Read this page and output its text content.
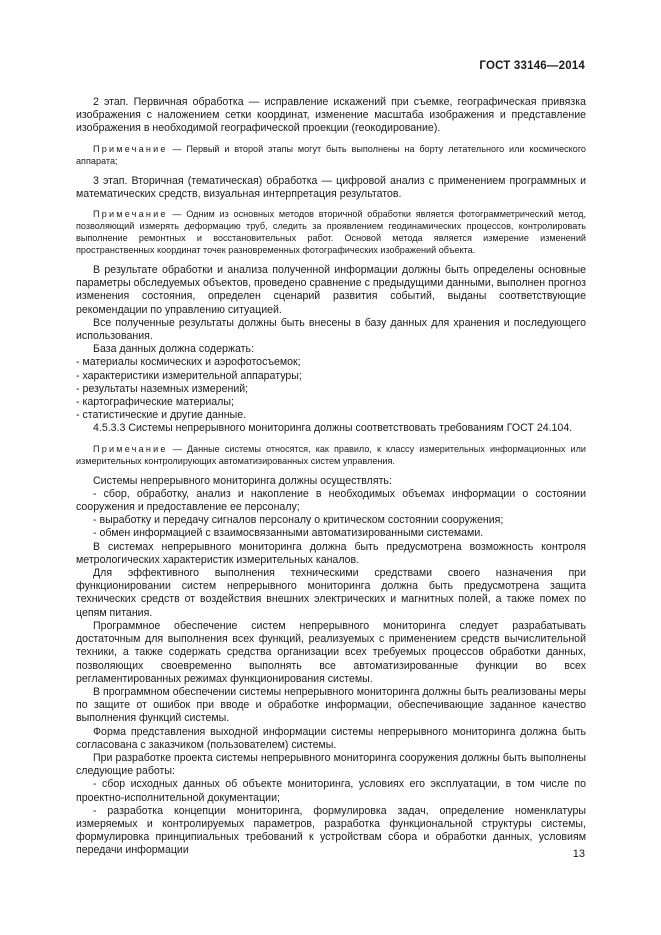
ГОСТ 33146—2014

2 этап. Первичная обработка — исправление искажений при съемке, географическая привязка изображения с наложением сетки координат, изменение масштаба изображения и представление изображения в необходимой географической проекции (геокодирование).

Примечание — Первый и второй этапы могут быть выполнены на борту летательного или космического аппарата;

3 этап. Вторичная (тематическая) обработка — цифровой анализ с применением программных и математических средств, визуальная интерпретация результатов.

Примечание — Одним из основных методов вторичной обработки является фотограмметрический метод, позволяющий измерять деформацию труб, следить за проявлением геодинамических процессов, контролировать выполнение ремонтных и восстановительных работ. Основой метода является измерение изменений пространственных координат точек разновременных фотографических изображений объекта.

В результате обработки и анализа полученной информации должны быть определены основные параметры обследуемых объектов, проведено сравнение с предыдущими данными, выполнен прогноз изменения состояния, определен сценарий развития событий, выданы соответствующие рекомендации по управлению ситуацией.

Все полученные результаты должны быть внесены в базу данных для хранения и последующего использования.

База данных должна содержать:

- материалы космических и аэрофотосъемок;

- характеристики измерительной аппаратуры;

- результаты наземных измерений;

- картографические материалы;

- статистические и другие данные.

4.5.3.3 Системы непрерывного мониторинга должны соответствовать требованиям ГОСТ 24.104.

Примечание — Данные системы относятся, как правило, к классу измерительных информационных или измерительных контролирующих автоматизированных систем управления.

Системы непрерывного мониторинга должны осуществлять:

- сбор, обработку, анализ и накопление в необходимых объемах информации о состоянии сооружения и предоставление ее персоналу;

- выработку и передачу сигналов персоналу о критическом состоянии сооружения;

- обмен информацией с взаимосвязанными автоматизированными системами.

В системах непрерывного мониторинга должна быть предусмотрена возможность контроля метрологических характеристик измерительных каналов.

Для эффективного выполнения техническими средствами своего назначения при функционировании систем непрерывного мониторинга должна быть предусмотрена защита технических средств от воздействия внешних электрических и магнитных полей, а также помех по цепям питания.

Программное обеспечение систем непрерывного мониторинга следует разрабатывать достаточным для выполнения всех функций, реализуемых с применением средств вычислительной техники, а также содержать средства организации всех требуемых процессов обработки данных, позволяющих своевременно выполнять все автоматизированные функции во всех регламентированных режимах функционирования системы.

В программном обеспечении системы непрерывного мониторинга должны быть реализованы меры по защите от ошибок при вводе и обработке информации, обеспечивающие заданное качество выполнения функций системы.

Форма представления выходной информации системы непрерывного мониторинга должна быть согласована с заказчиком (пользователем) системы.

При разработке проекта системы непрерывного мониторинга сооружения должны быть выполнены следующие работы:

- сбор исходных данных об объекте мониторинга, условиях его эксплуатации, в том числе по проектно-исполнительной документации;

- разработка концепции мониторинга, формулировка задач, определение номенклатуры измеряемых и контролируемых параметров, разработка функциональной структуры системы, формулировка принципиальных требований к устройствам сбора и обработки данных, условиям передачи информации	13
